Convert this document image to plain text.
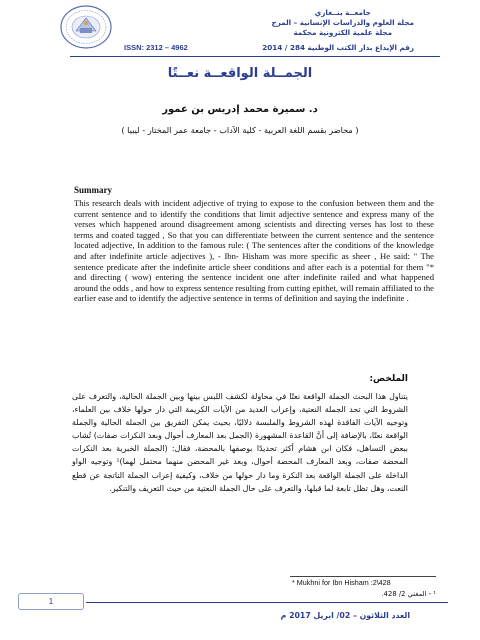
جامعــة بنــغازي
مجلة العلوم والدراسات الإنسانية – المرج
مجلة علمية الكترونية محكمة
ISSN: 2312 – 4962	رقم الإيداع بدار الكتب الوطنية 284 / 2014
الجمــلة الواقعــة نعــتًا
د. سميرة محمد إدريس بن عمور
( محاضر بقسم اللغة العربية - كلية الآداب - جامعة عمر المختار - ليبيا )
Summary
This research deals with incident adjective of trying to expose to the confusion between them and the current sentence and to identify the conditions that limit adjective sentence and express many of the verses which happened around disagreement among scientists and directing verses has lost to these terms and coated tagged , So that you can differentiate between the current sentence and the sentence located adjective, In addition to the famous rule: ( The sentences after the conditions of the knowledge and after indefinite article adjectives ), - Ibn- Hisham was more specific as sheer , He said: " The sentence predicate after the indefinite article sheer conditions and after each is a potential for them "* and directing ( wow) entering the sentence incident one after indefinite railed and what happened around the odds , and how to express sentence resulting from cutting epithet, will remain affiliated to the earlier ease and to identify the adjective sentence in terms of definition and saying the indefinite .
الملخص:
يتناول هذا البحث الجملة الواقعة نعتًا في محاولة لكشف اللبس بينها وبين الجملة الحالية، والتعرف على الشروط التي تحد الجملة النعتية، وإعراب العديد من الآيات الكريمة التي دار حولها خلاف بين العلماء، وتوجيه الآيات الفاقدة لهذه الشروط والملبسة دلاليًا، بحيث يمكن التفريق بين الجملة الحالية والجملة الواقعة نعتًا، بالإضافة إلى أنَّ القاعدة المشهورة (الجمل بعد المعارف أحوال وبعد النكرات صفات) تُشاب ببعض التساهل، فكان ابن هشام أكثر تحديدًا بوصفها بالمحضة، فقال: (الجملة الخبرية بعد النكرات المحضة صفات، وبعد المعارف المحضة أحوال، وبعد غير المحضن منهما محتمل لهما)¹ وتوجيه الواو الداخلة على الجملة الواقعة بعد النكرة وما دار حولها من خلاف، وكيفية إعراب الجملة الناتجة عن قطع النعت، وهل تظل تابعة لما قبلها، والتعرف على حال الجملة النعتية من حيث التعريف والتنكير.
* Mukhni for Ibn Hisham :2\428
¹ - المغني 2/ 428.
1
العدد الثلاثون – 02/ ابريل 2017 م
